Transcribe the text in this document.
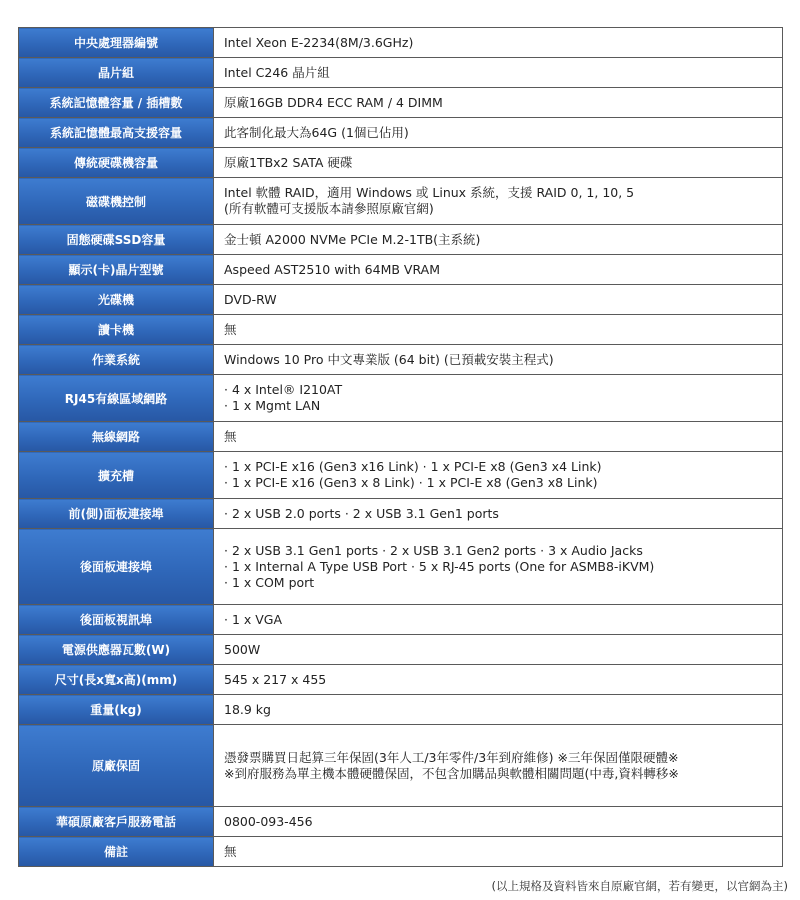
中央處理器編號	Intel Xeon E-2234(8M/3.6GHz)

晶片組	Intel C246 晶片組

系統記憶體容量 / 插槽數	原廠16GB DDR4 ECC RAM / 4 DIMM

系統記憶體最高支援容量	此客制化最大為64G (1個已佔用)

傳統硬碟機容量	原廠1TBx2 SATA 硬碟

磁碟機控制	Intel 軟體 RAID，適用 Windows 或 Linux 系統，支援 RAID 0, 1, 10, 5
(所有軟體可支援版本請參照原廠官網)

固態硬碟SSD容量	金士頓 A2000 NVMe PCIe M.2-1TB(主系統)

顯示(卡)晶片型號	Aspeed AST2510 with 64MB VRAM

光碟機	DVD-RW

讀卡機	無

作業系統	Windows 10 Pro 中文專業版 (64 bit) (已預載安裝主程式)

RJ45有線區域網路	· 4 x Intel® I210AT
· 1 x Mgmt LAN

無線網路	無

擴充槽	· 1 x PCI-E x16 (Gen3 x16 Link) · 1 x PCI-E x8 (Gen3 x4 Link)
· 1 x PCI-E x16 (Gen3 x 8 Link) · 1 x PCI-E x8 (Gen3 x8 Link)

前(側)面板連接埠	· 2 x USB 2.0 ports · 2 x USB 3.1 Gen1 ports

後面板連接埠	· 2 x USB 3.1 Gen1 ports · 2 x USB 3.1 Gen2 ports · 3 x Audio Jacks
· 1 x Internal A Type USB Port · 5 x RJ-45 ports (One for ASMB8-iKVM)
· 1 x COM port

後面板視訊埠	· 1 x VGA

電源供應器瓦數(W)	500W

尺寸(長x寬x高)(mm)	545 x 217 x 455

重量(kg)	18.9 kg

原廠保固	憑發票購買日起算三年保固(3年人工/3年零件/3年到府維修) ※三年保固僅限硬體※
※到府服務為單主機本體硬體保固，不包含加購品與軟體相關問題(中毒,資料轉移※

華碩原廠客戶服務電話	0800-093-456

備註	無
(以上規格及資料皆來自原廠官網，若有變更，以官網為主)
